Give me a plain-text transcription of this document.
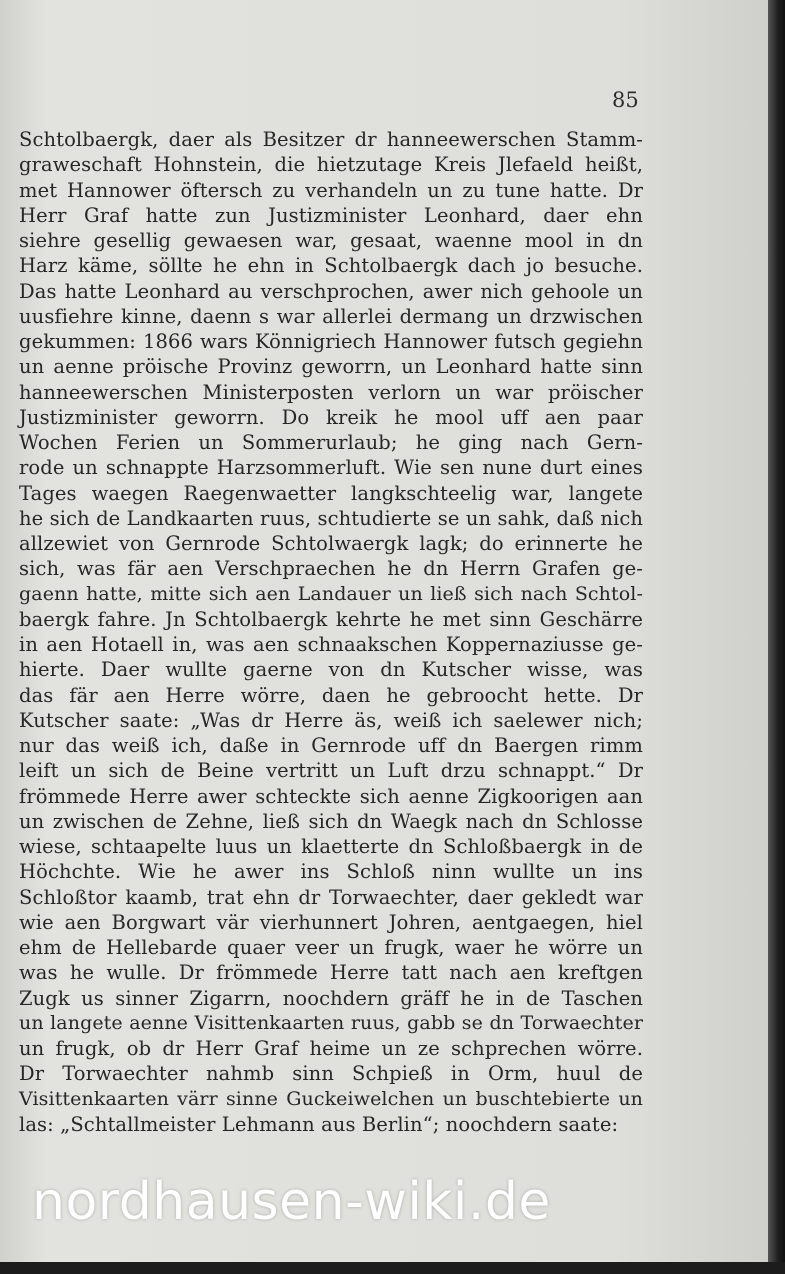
85
Schtolbaergk, daer als Besitzer dr hanneewerschen Stamm-
graweschaft Hohnstein, die hietzutage Kreis Jlefaeld heißt,
met Hannower öftersch zu verhandeln un zu tune hatte. Dr
Herr Graf hatte zun Justizminister Leonhard, daer ehn
siehre gesellig gewaesen war, gesaat, waenne mool in dn
Harz käme, söllte he ehn in Schtolbaergk dach jo besuche.
Das hatte Leonhard au verschprochen, awer nich gehoole un
uusfiehre kinne, daenn s war allerlei dermang un drzwischen
gekummen: 1866 wars Könnigriech Hannower futsch gegiehn
un aenne pröische Provinz geworrn, un Leonhard hatte sinn
hanneewerschen Ministerposten verlorn un war pröischer
Justizminister geworrn. Do kreik he mool uff aen paar
Wochen Ferien un Sommerurlaub; he ging nach Gern-
rode un schnappte Harzsommerluft. Wie sen nune durt eines
Tages waegen Raegenwaetter langkschteelig war, langete
he sich de Landkaarten ruus, schtudierte se un sahk, daß nich
allzewiet von Gernrode Schtolwaergk lagk; do erinnerte he
sich, was fär aen Verschpraechen he dn Herrn Grafen ge-
gaenn hatte, mitte sich aen Landauer un ließ sich nach Schtol-
baergk fahre. Jn Schtolbaergk kehrte he met sinn Geschärre
in aen Hotaell in, was aen schnaakschen Koppernaziusse ge-
hierte. Daer wullte gaerne von dn Kutscher wisse, was
das fär aen Herre wörre, daen he gebroocht hette. Dr
Kutscher saate: „Was dr Herre äs, weiß ich saelewer nich;
nur das weiß ich, daße in Gernrode uff dn Baergen rimm
leift un sich de Beine vertritt un Luft drzu schnappt.“ Dr
frömmede Herre awer schteckte sich aenne Zigkoorigen aan
un zwischen de Zehne, ließ sich dn Waegk nach dn Schlosse
wiese, schtaapelte luus un klaetterte dn Schloßbaergk in de
Höchchte. Wie he awer ins Schloß ninn wullte un ins
Schloßtor kaamb, trat ehn dr Torwaechter, daer gekledt war
wie aen Borgwart vär vierhunnert Johren, aentgaegen, hiel
ehm de Hellebarde quaer veer un frugk, waer he wörre un
was he wulle. Dr frömmede Herre tatt nach aen kreftgen
Zugk us sinner Zigarrn, noochdern gräff he in de Taschen
un langete aenne Visittenkaarten ruus, gabb se dn Torwaechter
un frugk, ob dr Herr Graf heime un ze schprechen wörre.
Dr Torwaechter nahmb sinn Schpieß in Orm, huul de
Visittenkaarten värr sinne Guckeiwelchen un buschtebierte un
las: „Schtallmeister Lehmann aus Berlin“; noochdern saate:
nordhausen-wiki.de
